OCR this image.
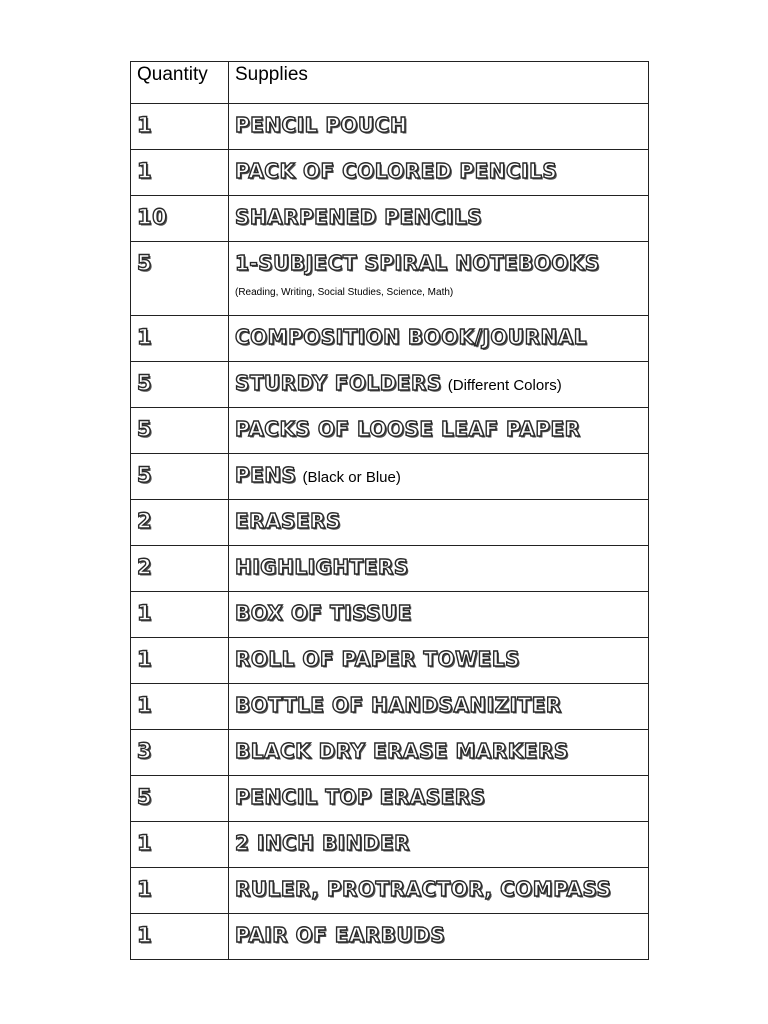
Quantity	Supplies
1	PENCIL POUCH
1	PACK OF COLORED PENCILS
10	SHARPENED PENCILS
5	1-SUBJECT SPIRAL NOTEBOOKS
(Reading, Writing, Social Studies, Science, Math)

1	COMPOSITION BOOK/JOURNAL
5	STURDY FOLDERS (Different Colors)
5	PACKS OF LOOSE LEAF PAPER
5	PENS (Black or Blue)
2	ERASERS
2	HIGHLIGHTERS
1	BOX OF TISSUE
1	ROLL OF PAPER TOWELS
1	BOTTLE OF HANDSANIZITER
3	BLACK DRY ERASE MARKERS
5	PENCIL TOP ERASERS
1	2 INCH BINDER
1	RULER, PROTRACTOR, COMPASS
1	PAIR OF EARBUDS
